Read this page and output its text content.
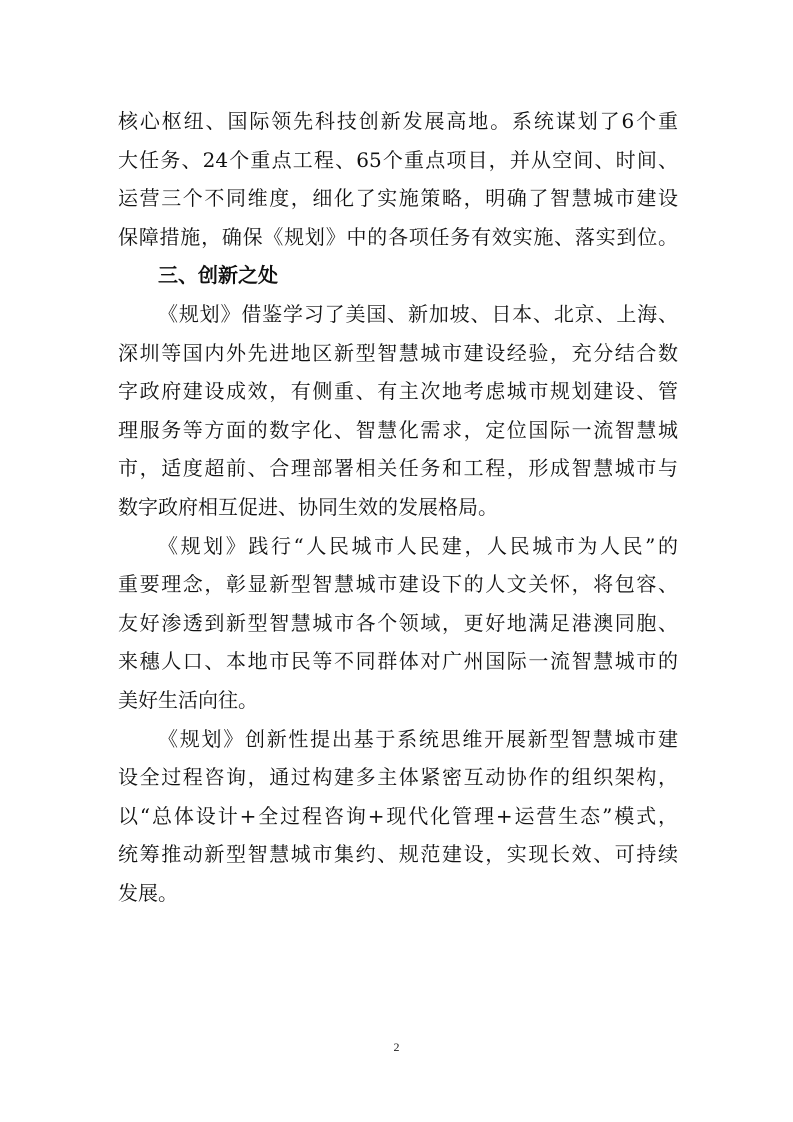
核心枢纽、国际领先科技创新发展高地。系统谋划了6个重
大任务、24个重点工程、65个重点项目，并从空间、时间、
运营三个不同维度，细化了实施策略，明确了智慧城市建设
保障措施，确保《规划》中的各项任务有效实施、落实到位。
三、创新之处
《规划》借鉴学习了美国、新加坡、日本、北京、上海、
深圳等国内外先进地区新型智慧城市建设经验，充分结合数
字政府建设成效，有侧重、有主次地考虑城市规划建设、管
理服务等方面的数字化、智慧化需求，定位国际一流智慧城
市，适度超前、合理部署相关任务和工程，形成智慧城市与
数字政府相互促进、协同生效的发展格局。
《规划》践行“人民城市人民建，人民城市为人民”的
重要理念，彰显新型智慧城市建设下的人文关怀，将包容、
友好渗透到新型智慧城市各个领域，更好地满足港澳同胞、
来穗人口、本地市民等不同群体对广州国际一流智慧城市的
美好生活向往。
《规划》创新性提出基于系统思维开展新型智慧城市建
设全过程咨询，通过构建多主体紧密互动协作的组织架构，
以“总体设计+全过程咨询+现代化管理+运营生态”模式，
统筹推动新型智慧城市集约、规范建设，实现长效、可持续
发展。
2
